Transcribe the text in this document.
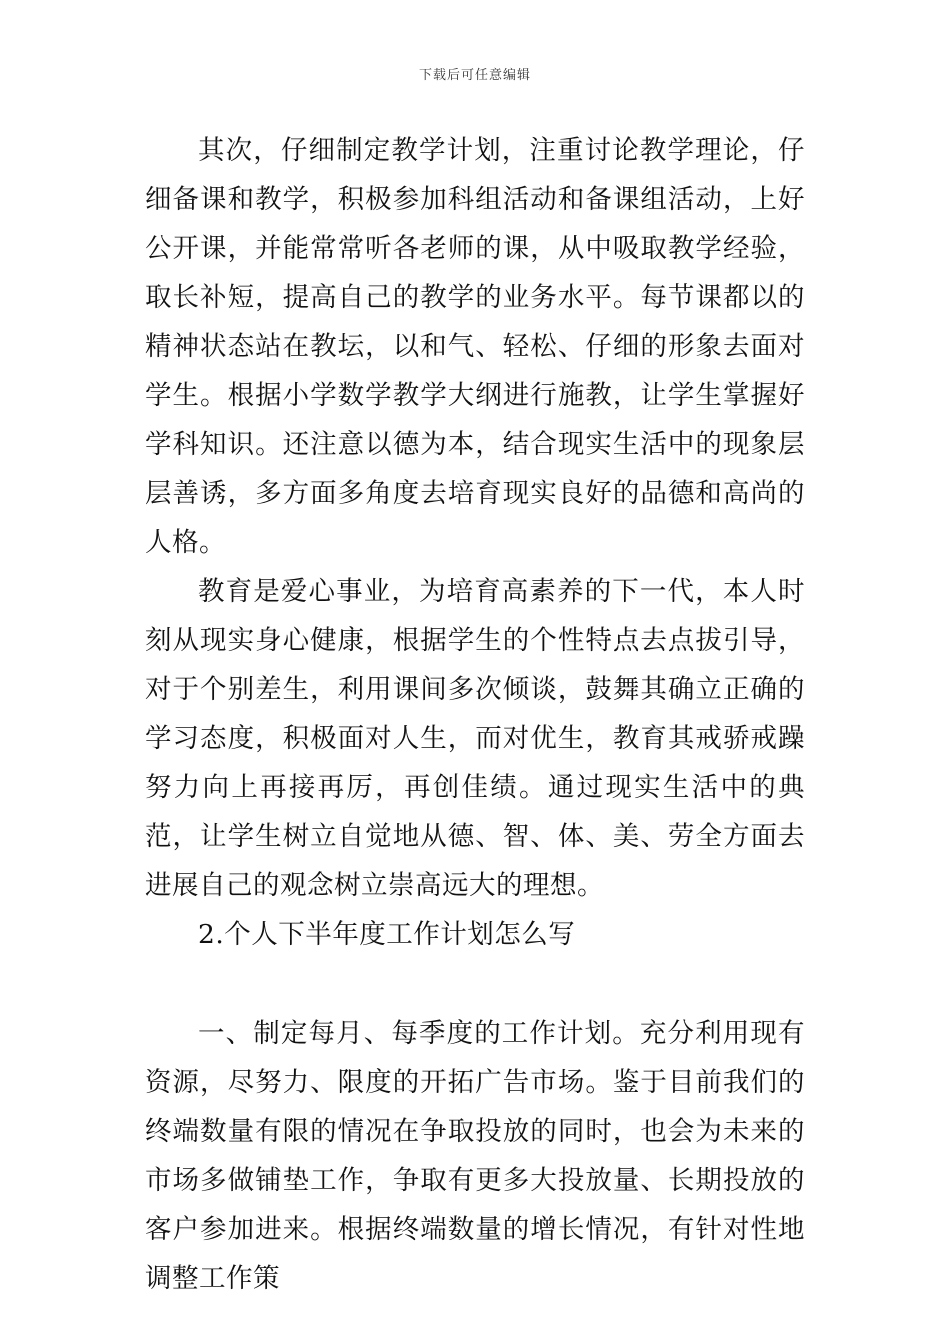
下载后可任意编辑

其次，仔细制定教学计划，注重讨论教学理论，仔细备课和教学，积极参加科组活动和备课组活动，上好公开课，并能常常听各老师的课，从中吸取教学经验，取长补短，提高自己的教学的业务水平。每节课都以的精神状态站在教坛，以和气、轻松、仔细的形象去面对学生。根据小学数学教学大纲进行施教，让学生掌握好学科知识。还注意以德为本，结合现实生活中的现象层层善诱，多方面多角度去培育现实良好的品德和高尚的人格。

教育是爱心事业，为培育高素养的下一代，本人时刻从现实身心健康，根据学生的个性特点去点拔引导，对于个别差生，利用课间多次倾谈，鼓舞其确立正确的学习态度，积极面对人生，而对优生，教育其戒骄戒躁努力向上再接再厉，再创佳绩。通过现实生活中的典范，让学生树立自觉地从德、智、体、美、劳全方面去进展自己的观念树立崇高远大的理想。

2.个人下半年度工作计划怎么写

一、制定每月、每季度的工作计划。充分利用现有资源，尽努力、限度的开拓广告市场。鉴于目前我们的终端数量有限的情况在争取投放的同时，也会为未来的市场多做铺垫工作，争取有更多大投放量、长期投放的客户参加进来。根据终端数量的增长情况，有针对性地调整工作策
